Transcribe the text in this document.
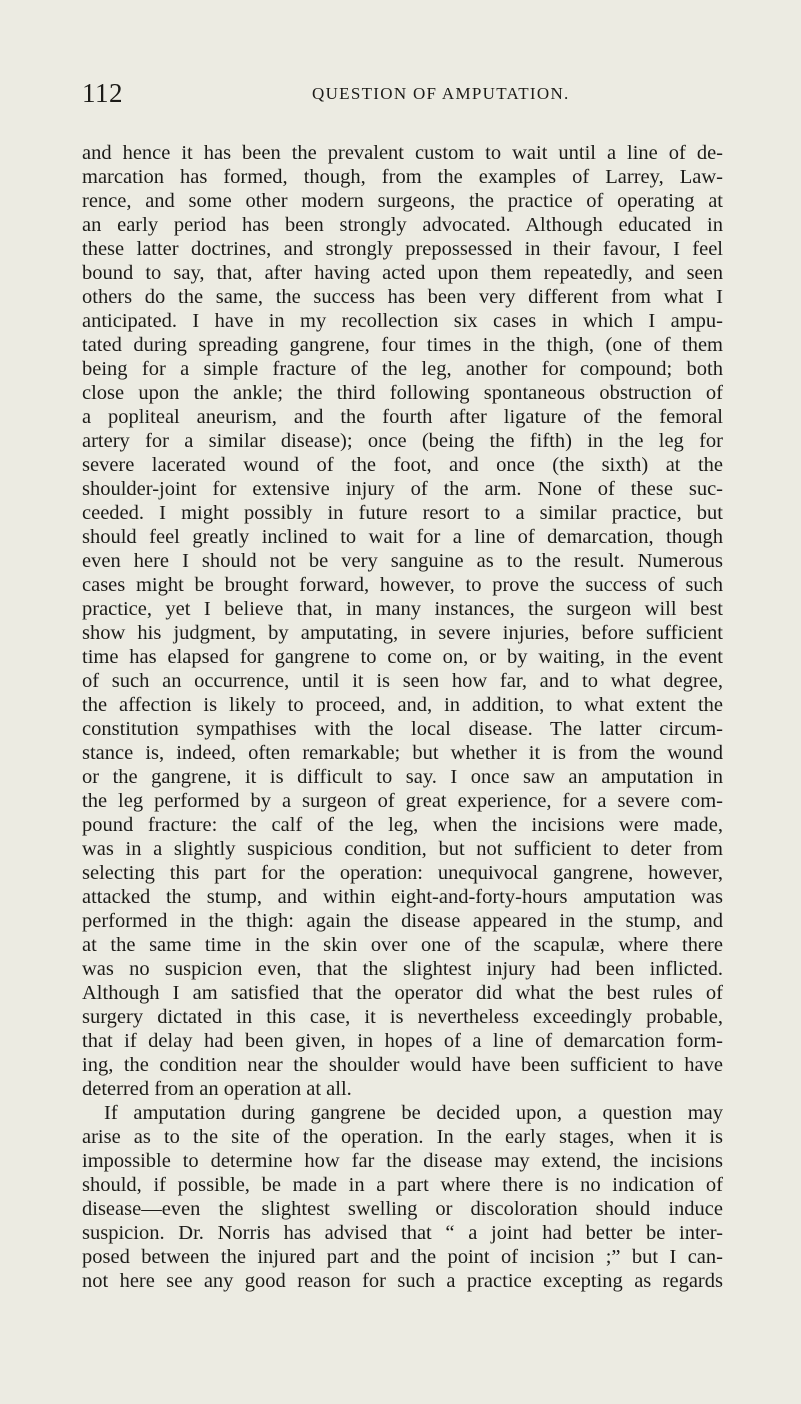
112	QUESTION OF AMPUTATION.
and hence it has been the prevalent custom to wait until a line of de-
marcation has formed, though, from the examples of Larrey, Law-
rence, and some other modern surgeons, the practice of operating at
an early period has been strongly advocated. Although educated in
these latter doctrines, and strongly prepossessed in their favour, I feel
bound to say, that, after having acted upon them repeatedly, and seen
others do the same, the success has been very different from what I
anticipated. I have in my recollection six cases in which I ampu-
tated during spreading gangrene, four times in the thigh, (one of them
being for a simple fracture of the leg, another for compound; both
close upon the ankle; the third following spontaneous obstruction of
a popliteal aneurism, and the fourth after ligature of the femoral
artery for a similar disease); once (being the fifth) in the leg for
severe lacerated wound of the foot, and once (the sixth) at the
shoulder-joint for extensive injury of the arm. None of these suc-
ceeded. I might possibly in future resort to a similar practice, but
should feel greatly inclined to wait for a line of demarcation, though
even here I should not be very sanguine as to the result. Numerous
cases might be brought forward, however, to prove the success of such
practice, yet I believe that, in many instances, the surgeon will best
show his judgment, by amputating, in severe injuries, before sufficient
time has elapsed for gangrene to come on, or by waiting, in the event
of such an occurrence, until it is seen how far, and to what degree,
the affection is likely to proceed, and, in addition, to what extent the
constitution sympathises with the local disease. The latter circum-
stance is, indeed, often remarkable; but whether it is from the wound
or the gangrene, it is difficult to say. I once saw an amputation in
the leg performed by a surgeon of great experience, for a severe com-
pound fracture: the calf of the leg, when the incisions were made,
was in a slightly suspicious condition, but not sufficient to deter from
selecting this part for the operation: unequivocal gangrene, however,
attacked the stump, and within eight-and-forty-hours amputation was
performed in the thigh: again the disease appeared in the stump, and
at the same time in the skin over one of the scapulæ, where there
was no suspicion even, that the slightest injury had been inflicted.
Although I am satisfied that the operator did what the best rules of
surgery dictated in this case, it is nevertheless exceedingly probable,
that if delay had been given, in hopes of a line of demarcation form-
ing, the condition near the shoulder would have been sufficient to have
deterred from an operation at all.
If amputation during gangrene be decided upon, a question may
arise as to the site of the operation. In the early stages, when it is
impossible to determine how far the disease may extend, the incisions
should, if possible, be made in a part where there is no indication of
disease—even the slightest swelling or discoloration should induce
suspicion. Dr. Norris has advised that “ a joint had better be inter-
posed between the injured part and the point of incision ;” but I can-
not here see any good reason for such a practice excepting as regards
